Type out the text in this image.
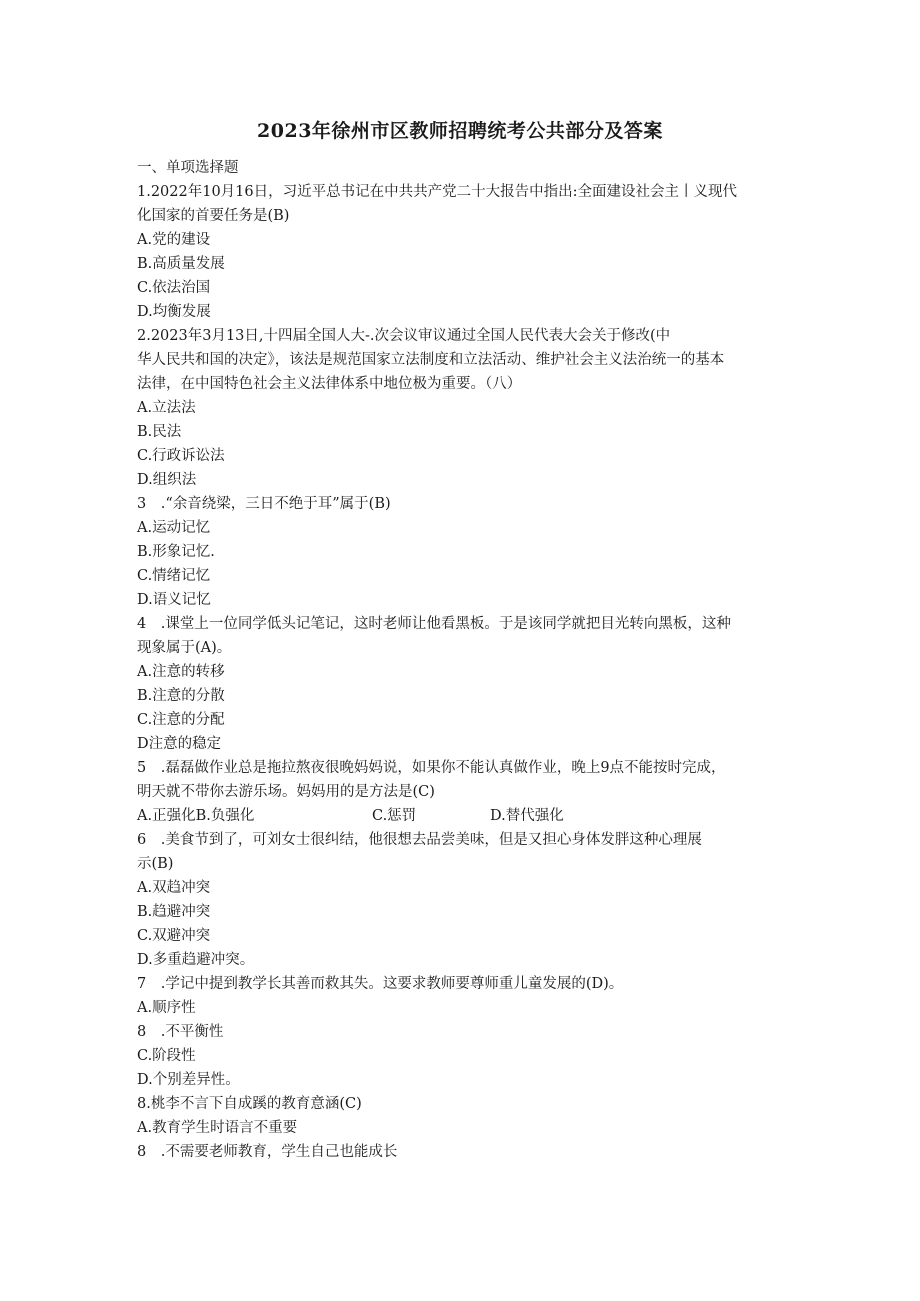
2023年徐州市区教师招聘统考公共部分及答案
一、单项选择题
1.2022年10月16日，习近平总书记在中共共产党二十大报告中指出:全面建设社会主丨义现代
化国家的首要任务是(B)
A.党的建设
B.高质量发展
C.依法治国
D.均衡发展
2.2023年3月13日,十四届全国人大-.次会议审议通过全国人民代表大会关于修改(中
华人民共和国的决定》，该法是规范国家立法制度和立法活动、维护社会主义法治统一的基本
法律，在中国特色社会主义法律体系中地位极为重要。（八）
A.立法法
B.民法
C.行政诉讼法
D.组织法
3　.“余音绕梁，三日不绝于耳”属于(B)
A.运动记忆
B.形象记忆.
C.情绪记忆
D.语义记忆
4　.课堂上一位同学低头记笔记，这时老师让他看黑板。于是该同学就把目光转向黑板，这种
现象属于(A)。
A.注意的转移
B.注意的分散
C.注意的分配
D注意的稳定
5　.磊磊做作业总是拖拉熬夜很晚妈妈说，如果你不能认真做作业，晚上9点不能按时完成，
明天就不带你去游乐场。妈妈用的是方法是(C)
A.正强化B.负强化	C.惩罚	D.替代强化
6　.美食节到了，可刘女士很纠结，他很想去品尝美味，但是又担心身体发胖这种心理展
示(B)
A.双趋冲突
B.趋避冲突
C.双避冲突
D.多重趋避冲突。
7　.学记中提到教学长其善而救其失。这要求教师要尊师重儿童发展的(D)。
A.顺序性
8　.不平衡性
C.阶段性
D.个别差异性。
8.桃李不言下自成蹊的教育意涵(C)
A.教育学生时语言不重要
8　.不需要老师教育，学生自己也能成长
